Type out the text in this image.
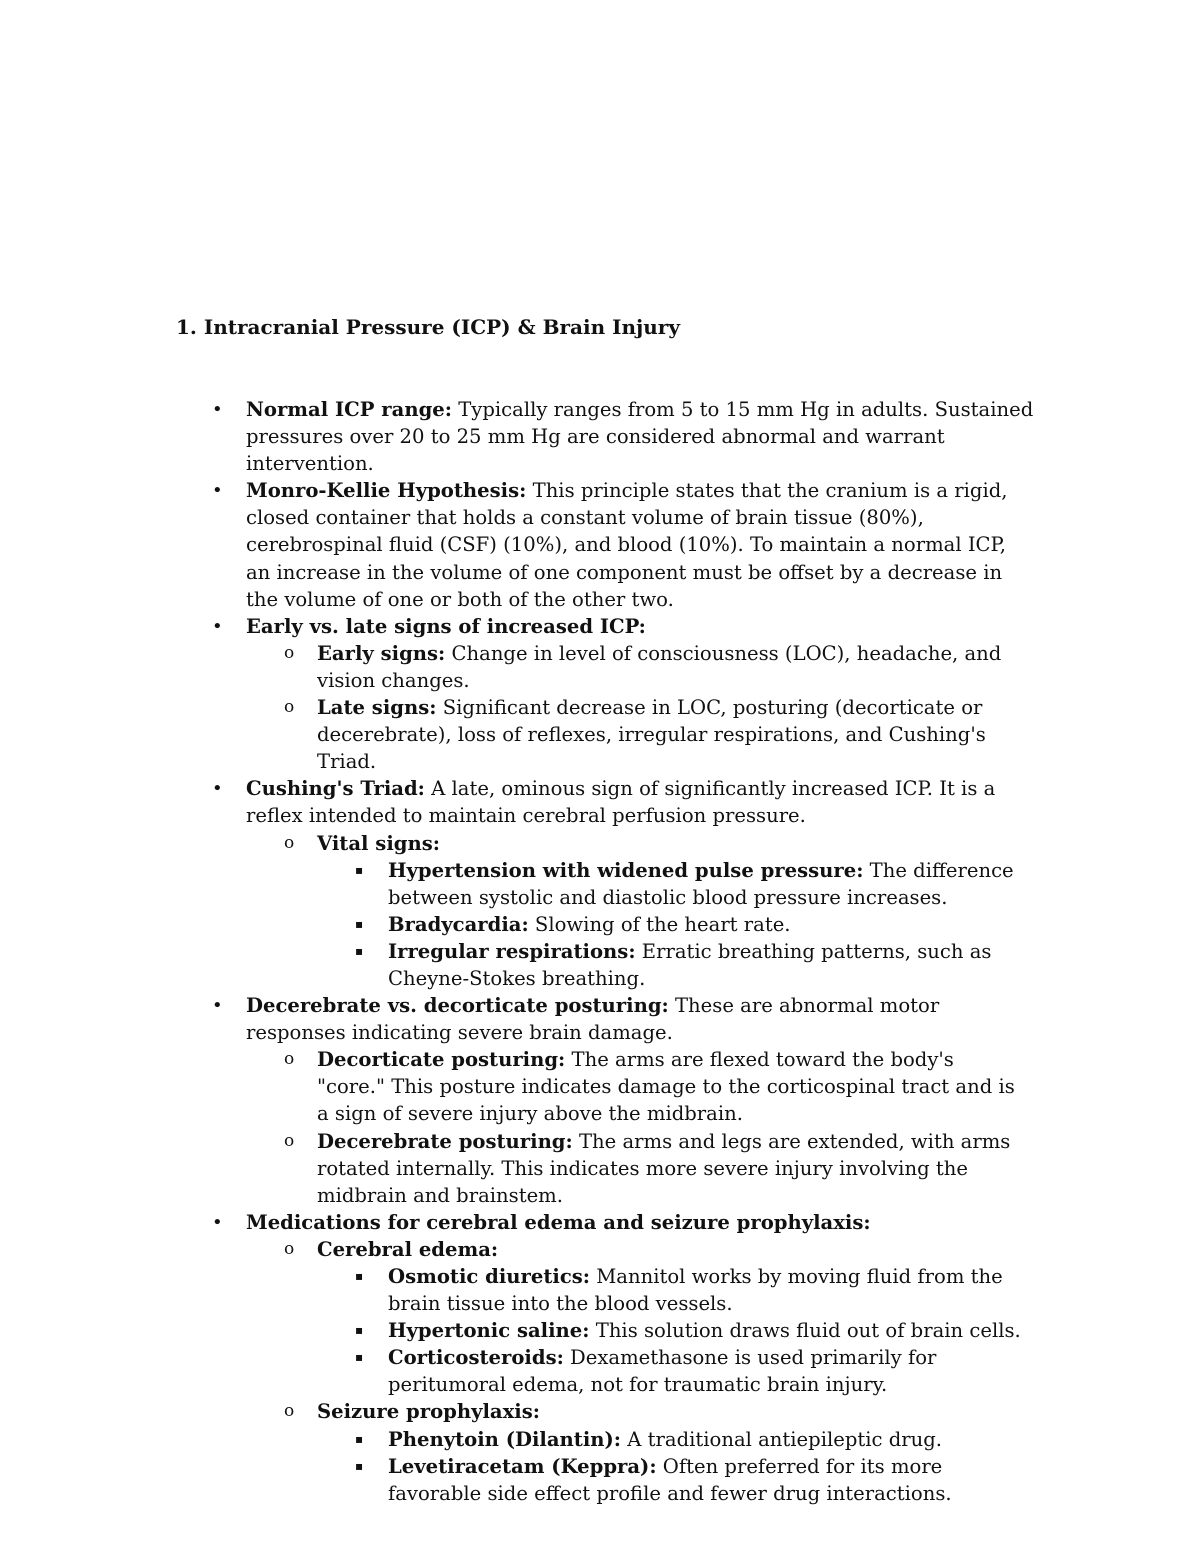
1. Intracranial Pressure (ICP) & Brain Injury
• Normal ICP range: Typically ranges from 5 to 15 mm Hg in adults. Sustained pressures over 20 to 25 mm Hg are considered abnormal and warrant intervention.
• Monro-Kellie Hypothesis: This principle states that the cranium is a rigid, closed container that holds a constant volume of brain tissue (80%), cerebrospinal fluid (CSF) (10%), and blood (10%). To maintain a normal ICP, an increase in the volume of one component must be offset by a decrease in the volume of one or both of the other two.
• Early vs. late signs of increased ICP:
o Early signs: Change in level of consciousness (LOC), headache, and vision changes.
o Late signs: Significant decrease in LOC, posturing (decorticate or decerebrate), loss of reflexes, irregular respirations, and Cushing's Triad.
• Cushing's Triad: A late, ominous sign of significantly increased ICP. It is a reflex intended to maintain cerebral perfusion pressure.
o Vital signs:
▪ Hypertension with widened pulse pressure: The difference between systolic and diastolic blood pressure increases.
▪ Bradycardia: Slowing of the heart rate.
▪ Irregular respirations: Erratic breathing patterns, such as Cheyne-Stokes breathing.
• Decerebrate vs. decorticate posturing: These are abnormal motor responses indicating severe brain damage.
o Decorticate posturing: The arms are flexed toward the body's "core." This posture indicates damage to the corticospinal tract and is a sign of severe injury above the midbrain.
o Decerebrate posturing: The arms and legs are extended, with arms rotated internally. This indicates more severe injury involving the midbrain and brainstem.
• Medications for cerebral edema and seizure prophylaxis:
o Cerebral edema:
▪ Osmotic diuretics: Mannitol works by moving fluid from the brain tissue into the blood vessels.
▪ Hypertonic saline: This solution draws fluid out of brain cells.
▪ Corticosteroids: Dexamethasone is used primarily for peritumoral edema, not for traumatic brain injury.
o Seizure prophylaxis:
▪ Phenytoin (Dilantin): A traditional antiepileptic drug.
▪ Levetiracetam (Keppra): Often preferred for its more favorable side effect profile and fewer drug interactions.
